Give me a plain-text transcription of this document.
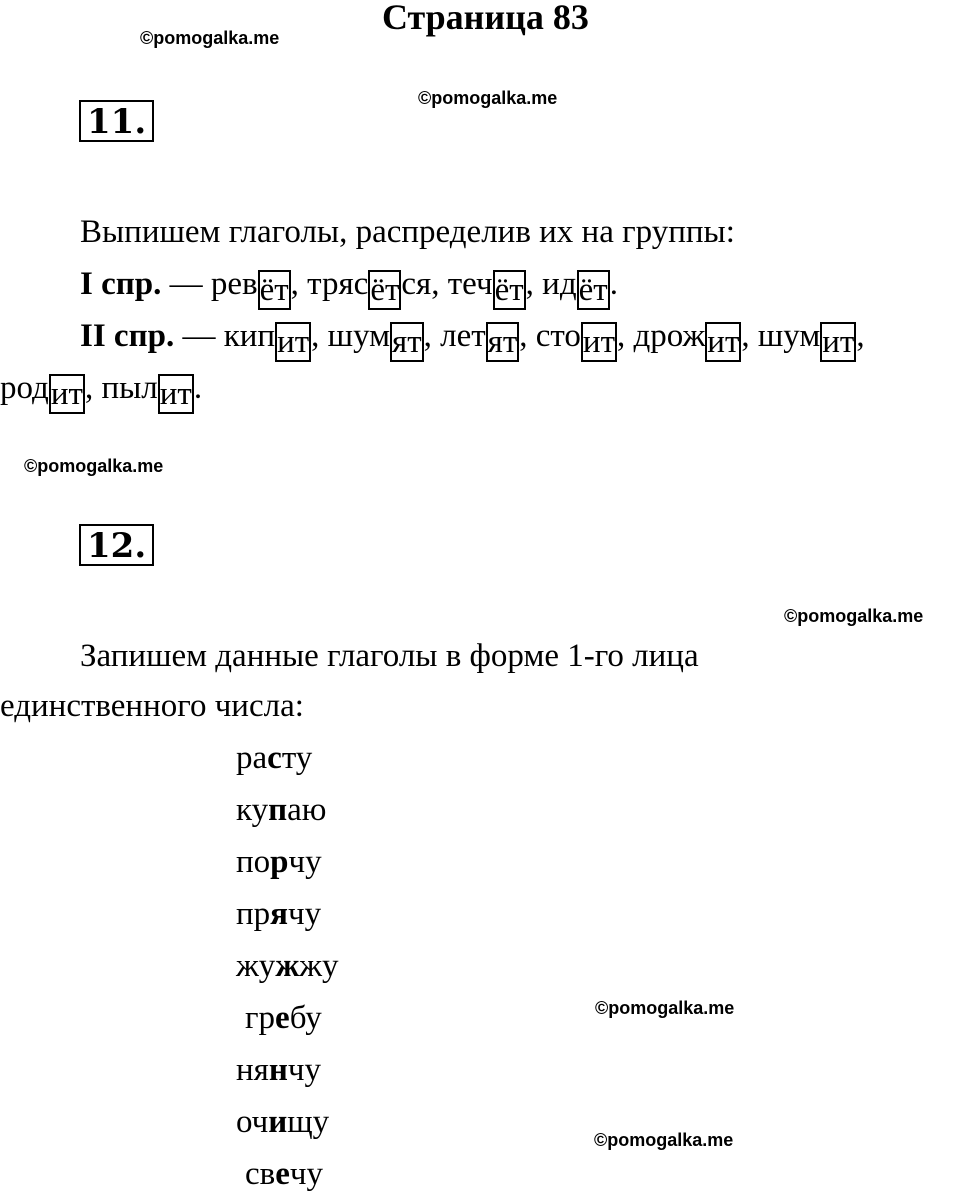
Страница 83
©pomogalka.me
©pomogalka.me
©pomogalka.me
©pomogalka.me
©pomogalka.me
©pomogalka.me
11.
Выпишем глаголы, распределив их на группы:
I спр. — ревёт, трясётся, течёт, идёт.
II спр. — кипит, шумят, летят, стоит, дрожит, шумит,
родит, пылит.
12.
Запишем данные глаголы в форме 1-го лица
единственного числа:
расту
купаю
порчу
прячу
жужжу
гребу
нянчу
очищу
свечу
